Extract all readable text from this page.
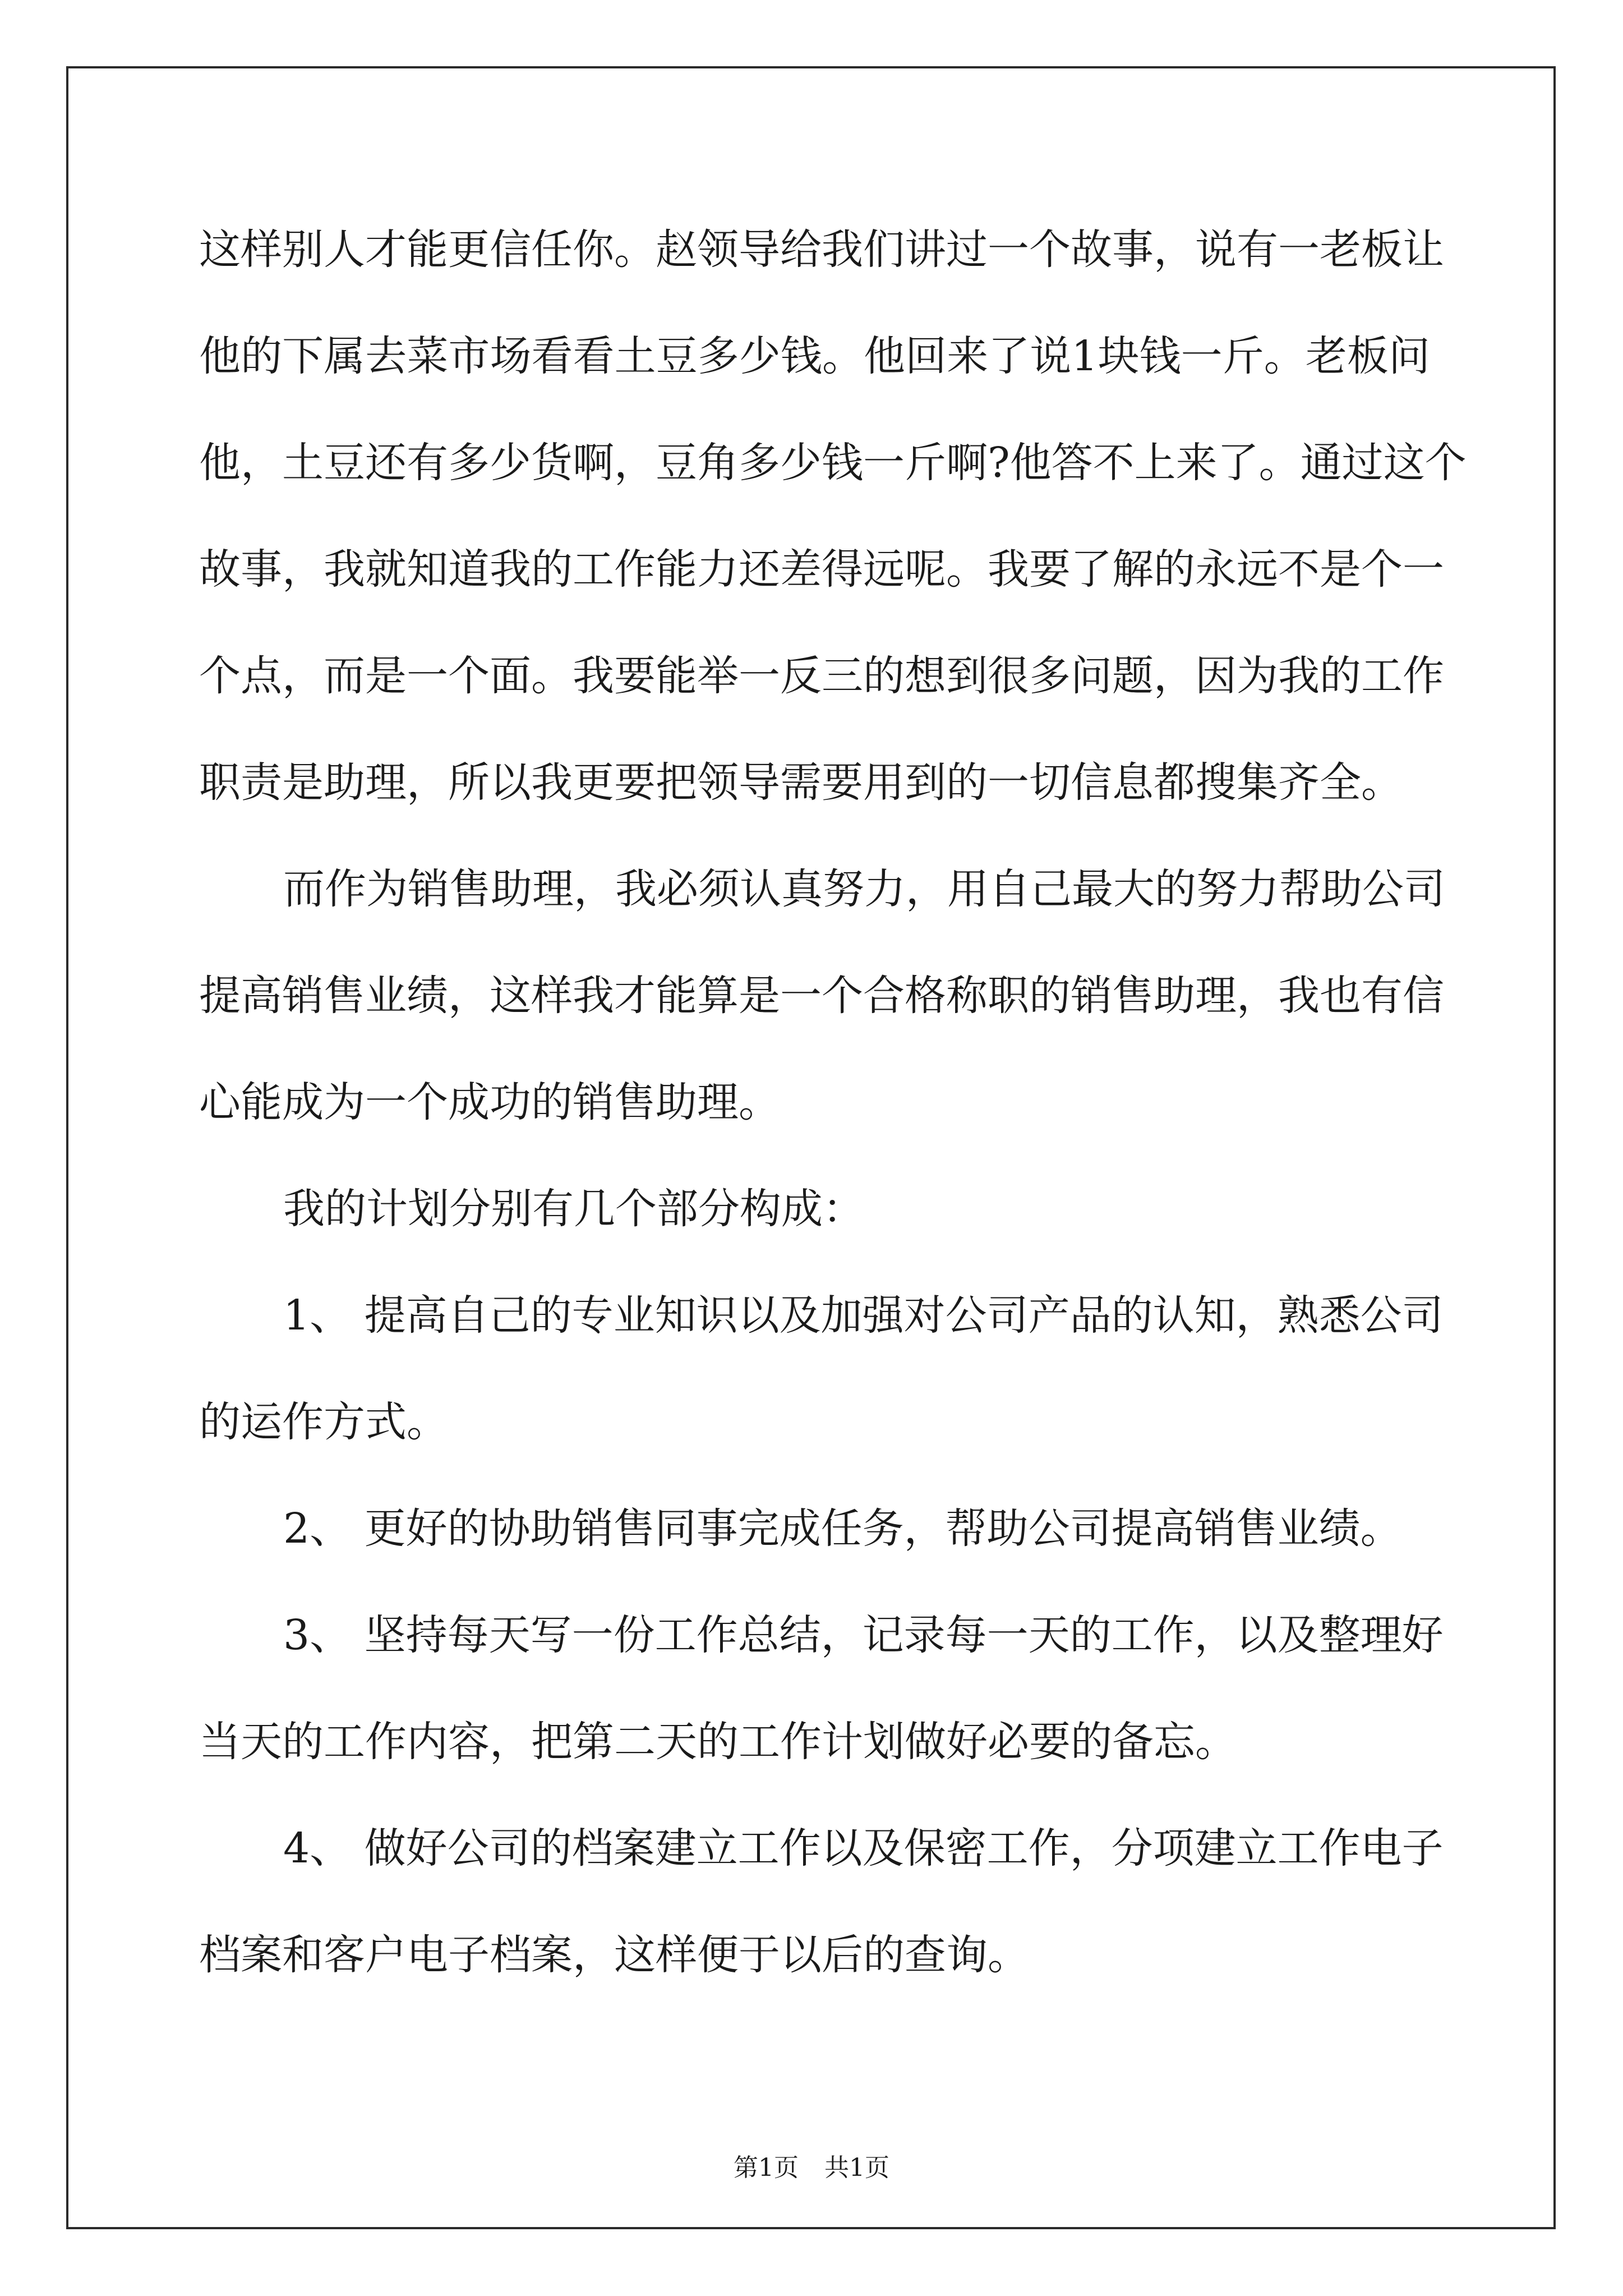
这样别人才能更信任你。赵领导给我们讲过一个故事，说有一老板让
他的下属去菜市场看看土豆多少钱。他回来了说1块钱一斤。老板问
他，土豆还有多少货啊，豆角多少钱一斤啊?他答不上来了。通过这个
故事，我就知道我的工作能力还差得远呢。我要了解的永远不是个一
个点，而是一个面。我要能举一反三的想到很多问题，因为我的工作
职责是助理，所以我更要把领导需要用到的一切信息都搜集齐全。
而作为销售助理，我必须认真努力，用自己最大的努力帮助公司
提高销售业绩，这样我才能算是一个合格称职的销售助理，我也有信
心能成为一个成功的销售助理。
我的计划分别有几个部分构成：
1、 提高自己的专业知识以及加强对公司产品的认知，熟悉公司
的运作方式。
2、 更好的协助销售同事完成任务，帮助公司提高销售业绩。
3、 坚持每天写一份工作总结，记录每一天的工作，以及整理好
当天的工作内容，把第二天的工作计划做好必要的备忘。
4、 做好公司的档案建立工作以及保密工作，分项建立工作电子
档案和客户电子档案，这样便于以后的查询。
第1页 共1页
